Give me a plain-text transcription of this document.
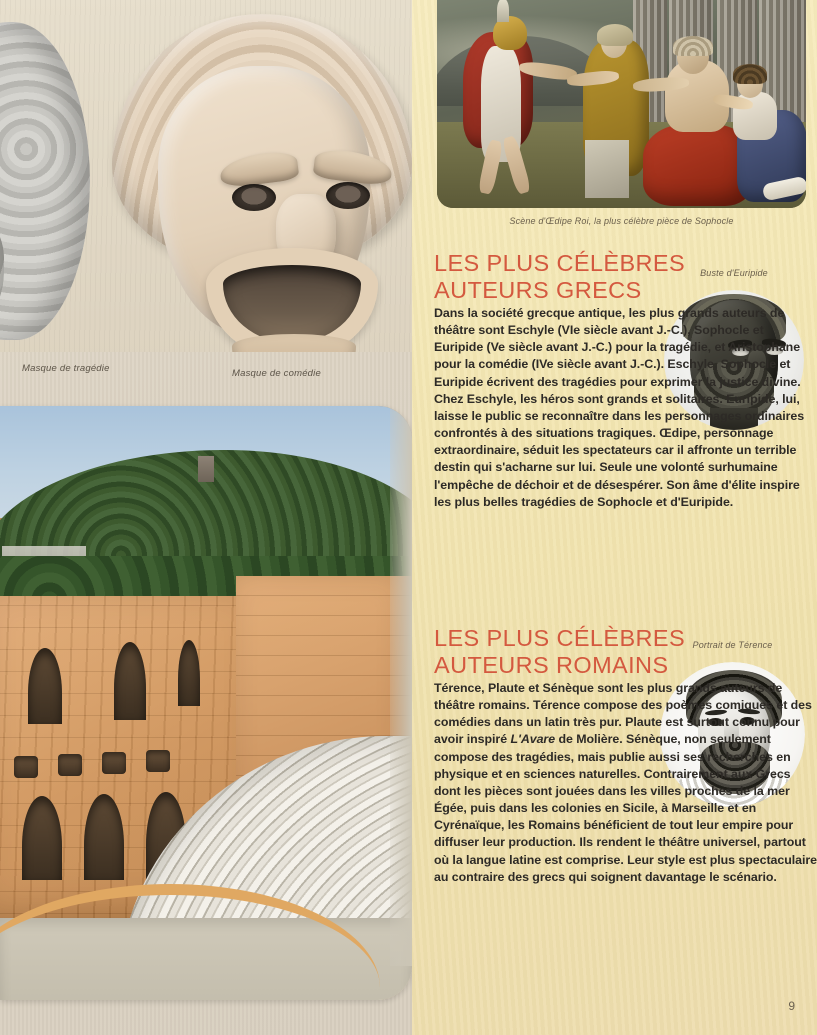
Masque de tragédie	Masque de comédie
Scène d'Œdipe Roi, la plus célèbre pièce de Sophocle
LES PLUS CÉLÈBRES
AUTEURS GRECS
Buste d'Euripide
Dans la société grecque antique, les plus grands auteurs de théâtre sont Eschyle (VIe siècle avant J.-C.), Sophocle et Euripide (Ve siècle avant J.-C.) pour la tragédie, et Aristophane pour la comédie (IVe siècle avant J.-C.). Eschyle, Sophocle et Euripide écrivent des tragédies pour exprimer la justice divine. Chez Eschyle, les héros sont grands et solitaires. Euripide, lui, laisse le public se reconnaître dans les personnages ordinaires confrontés à des situations tragiques. Œdipe, personnage extraordinaire, séduit les spectateurs car il affronte un terrible destin qui s'acharne sur lui. Seule une volonté surhumaine l'empêche de déchoir et de désespérer. Son âme d'élite inspire les plus belles tragédies de Sophocle et d'Euripide.
LES PLUS CÉLÈBRES
AUTEURS ROMAINS
Portrait de Térence
Térence, Plaute et Sénèque sont les plus grands auteurs de théâtre romains. Térence compose des poèmes comiques et des comédies dans un latin très pur. Plaute est surtout connu pour avoir inspiré L'Avare de Molière. Sénèque, non seulement compose des tragédies, mais publie aussi ses recherches en physique et en sciences naturelles. Contrairement aux Grecs dont les pièces sont jouées dans les villes proches de la mer Égée, puis dans les colonies en Sicile, à Marseille et en Cyrénaïque, les Romains bénéficient de tout leur empire pour diffuser leur production. Ils rendent le théâtre universel, partout où la langue latine est comprise. Leur style est plus spectaculaire au contraire des grecs qui soignent davantage le scénario.
9
